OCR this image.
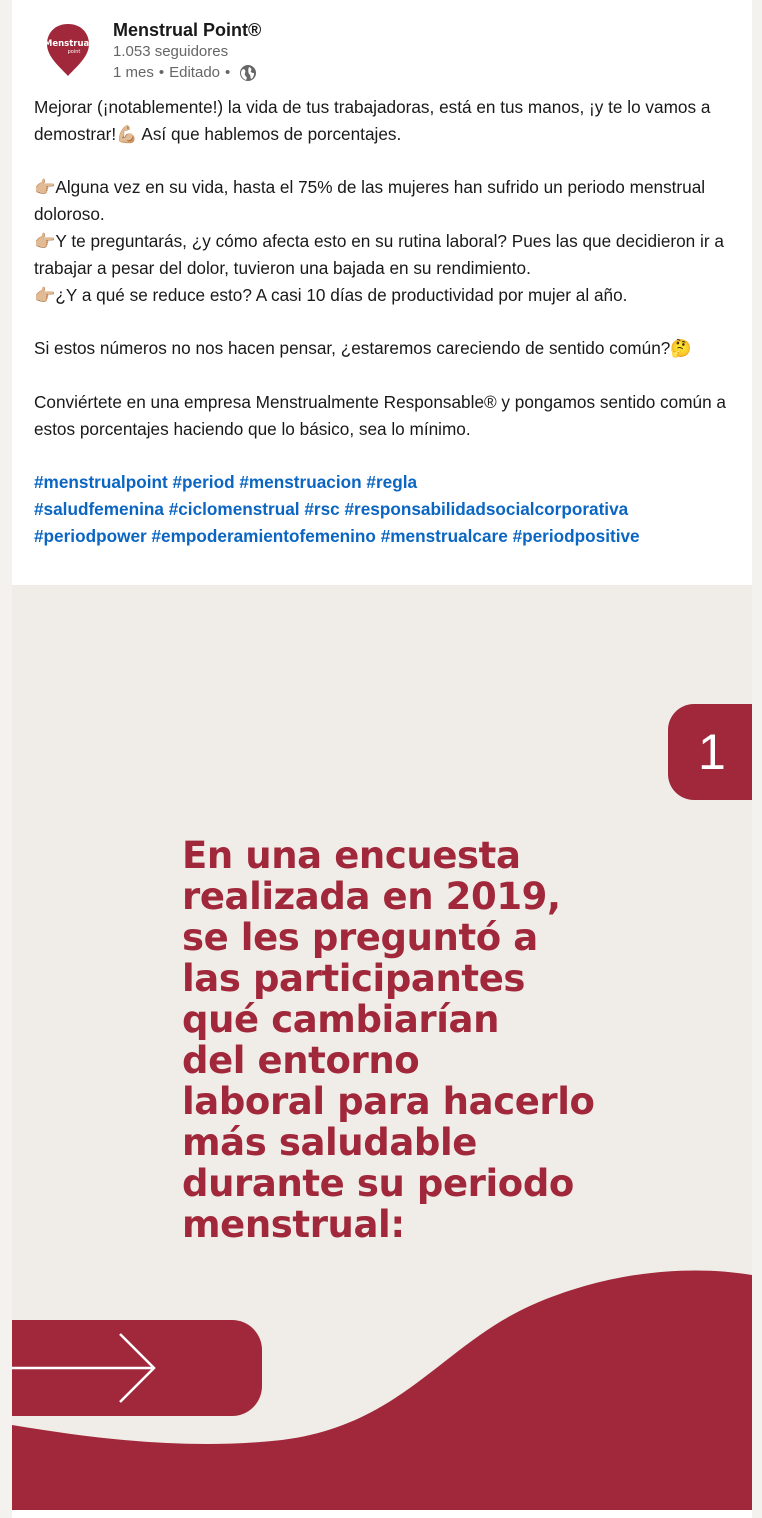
Menstrual
point
Menstrual Point®
1.053 seguidores
1 mes • Editado •

Mejorar (¡notablemente!) la vida de tus trabajadoras, está en tus manos, ¡y te lo vamos a demostrar!💪🏼 Así que hablemos de porcentajes.

👉🏼Alguna vez en su vida, hasta el 75% de las mujeres han sufrido un periodo menstrual doloroso.

👉🏼Y te preguntarás, ¿y cómo afecta esto en su rutina laboral? Pues las que decidieron ir a trabajar a pesar del dolor, tuvieron una bajada en su rendimiento.

👉🏼¿Y a qué se reduce esto? A casi 10 días de productividad por mujer al año.

Si estos números no nos hacen pensar, ¿estaremos careciendo de sentido común?🤔

Conviértete en una empresa Menstrualmente Responsable® y pongamos sentido común a estos porcentajes haciendo que lo básico, sea lo mínimo.

#menstrualpoint #period #menstruacion #regla
#saludfemenina #ciclomenstrual #rsc #responsabilidadsocialcorporativa
#periodpower #empoderamientofemenino #menstrualcare #periodpositive

1
En una encuesta
realizada en 2019,
se les preguntó a
las participantes
qué cambiarían
del entorno
laboral para hacerlo
más saludable
durante su periodo
menstrual:
